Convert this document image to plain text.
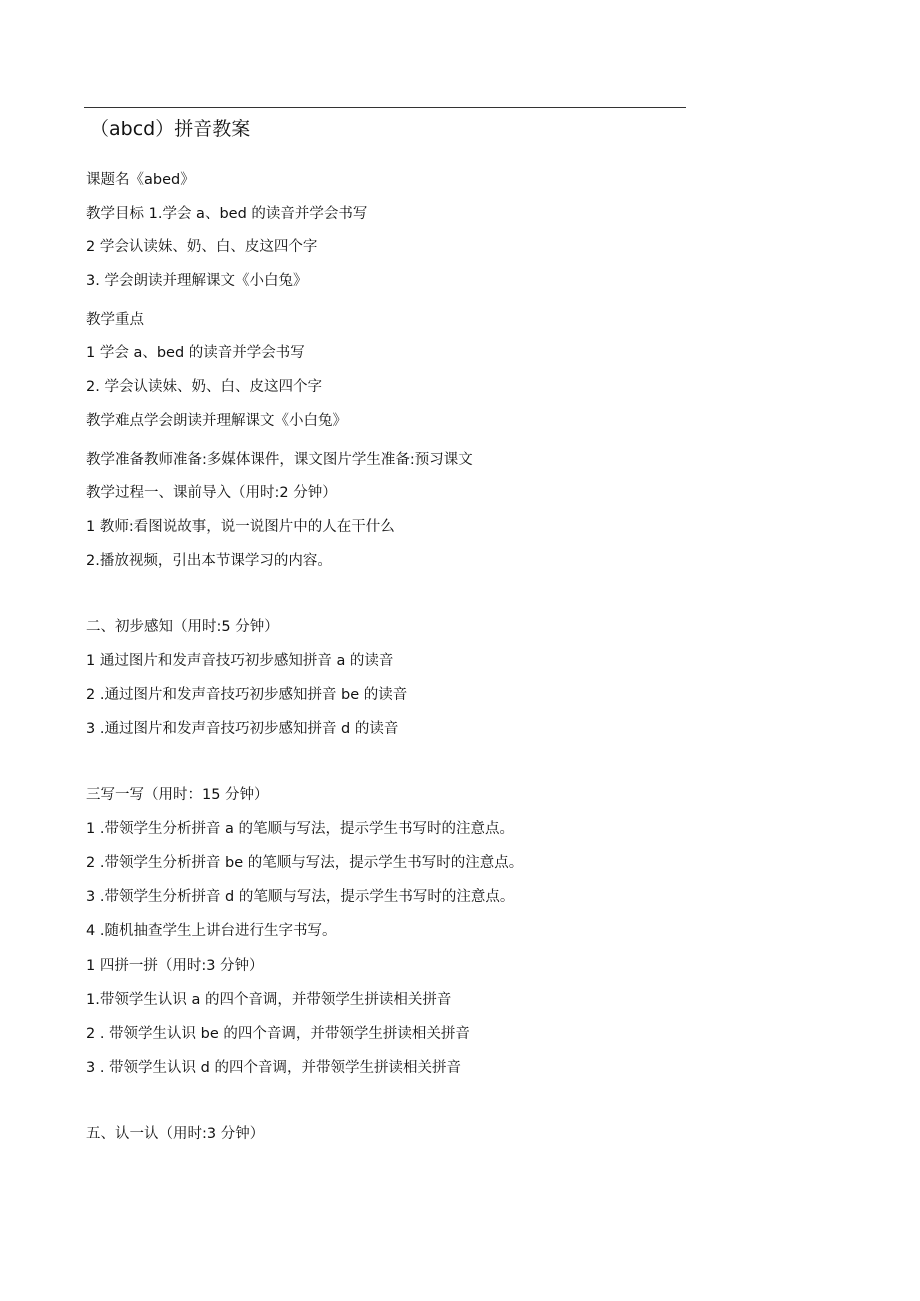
（abcd）拼音教案
课题名《abed》
教学目标 1.学会 a、bed 的读音并学会书写
2 学会认读妹、奶、白、皮这四个字
3. 学会朗读并理解课文《小白兔》
教学重点
1 学会 a、bed 的读音并学会书写
2. 学会认读妹、奶、白、皮这四个字
教学难点学会朗读并理解课文《小白兔》
教学准备教师准备:多媒体课件，课文图片学生准备:预习课文
教学过程一、课前导入（用时:2 分钟）
1 教师:看图说故事，说一说图片中的人在干什么
2.播放视频，引出本节课学习的内容。
二、初步感知（用时:5 分钟）
1 通过图片和发声音技巧初步感知拼音 a 的读音
2 .通过图片和发声音技巧初步感知拼音 be 的读音
3 .通过图片和发声音技巧初步感知拼音 d 的读音
三写一写（用时：15 分钟）
1 .带领学生分析拼音 a 的笔顺与写法，提示学生书写时的注意点。
2 .带领学生分析拼音 be 的笔顺与写法，提示学生书写时的注意点。
3 .带领学生分析拼音 d 的笔顺与写法，提示学生书写时的注意点。
4 .随机抽查学生上讲台进行生字书写。
1 四拼一拼（用时:3 分钟）
1.带领学生认识 a 的四个音调，并带领学生拼读相关拼音
2 . 带领学生认识 be 的四个音调，并带领学生拼读相关拼音
3 . 带领学生认识 d 的四个音调，并带领学生拼读相关拼音
五、认一认（用时:3 分钟）
